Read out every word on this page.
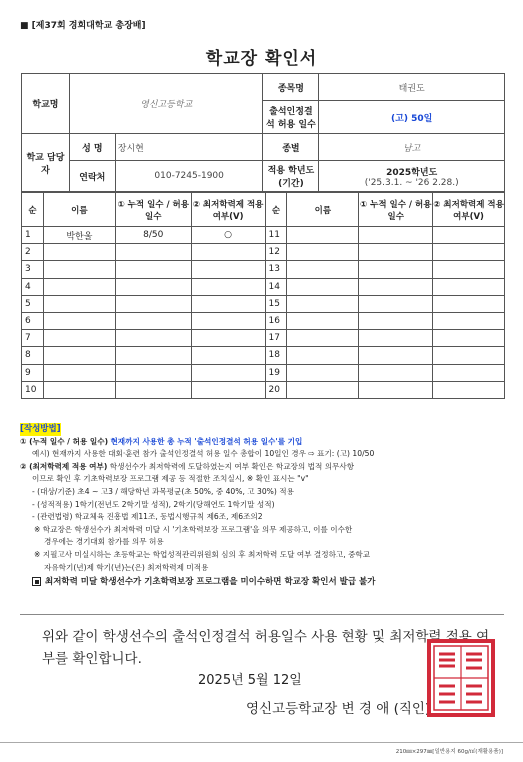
■ [제37회 경희대학교 총장배]
학교장 확인서
학교명	영신고등학교		종목명	태권도
			출석인정결석 허용 일수	(고) 50일
학교 담당자	성 명	장시현	종별	남고
	연락처	010-7245-1900	적용 학년도 (기간)	2025학년도
('25.3.1. ~ '26 2.28.)
순	이름	① 누적 일수 / 허용 일수	② 최저학력제 적용 여부(V)	순	이름	① 누적 일수 / 허용 일수	② 최저학력제 적용 여부(V)
1	박한울	8/50	○	11			
2				12			
3				13			
4				14			
5				15			
6				16			
7				17			
8				18			
9				19			
10				20			
[작성방법]
① (누적 일수 / 허용 일수) 현재까지 사용한 총 누적 '출석인정결석 허용 일수'를 기입
예시) 현재까지 사용한 대회·훈련 참가 출석인정결석 허용 일수 총합이 10일인 경우 ⇨ 표기: (고) 10/50
② (최저학력제 적용 여부) 학생선수가 최저학력에 도달하였는지 여부 확인은 학교장의 법적 의무사항
이므로 확인 후 기초학력보장 프로그램 제공 등 적절한 조치실시, ※ 확인 표시는 "v"
- (대상/기준) 초4 ~ 고3 / 해당학년 과목평균(초 50%, 중 40%, 고 30%) 적용
- (성적적용) 1학기(전년도 2학기말 성적), 2학기(당해연도 1학기말 성적)
- (관련법령) 학교체육 진흥법 제11조, 동법시행규칙 제6조, 제6조의2
※ 학교장은 학생선수가 최저학력 미달 시 '기초학력보장 프로그램'을 의무 제공하고, 이를 이수한
경우에는 경기대회 참가를 의무 허용
※ 지필고사 미실시하는 초등학교는 학업성적관리위원회 심의 후 최저학력 도달 여부 결정하고, 중학교
자유학기(년)제 학기(년)는(은) 최저학력제 미적용
최저학력 미달 학생선수가 기초학력보장 프로그램을 미이수하면 학교장 확인서 발급 불가
위와 같이 학생선수의 출석인정결석 허용일수 사용 현황 및 최저학력 적용 여부를 확인합니다.
2025년 5월 12일
영신고등학교장 변 경 애 (직인)
210㎜×297㎜[일반용지 60g/㎡(재활용품)]
